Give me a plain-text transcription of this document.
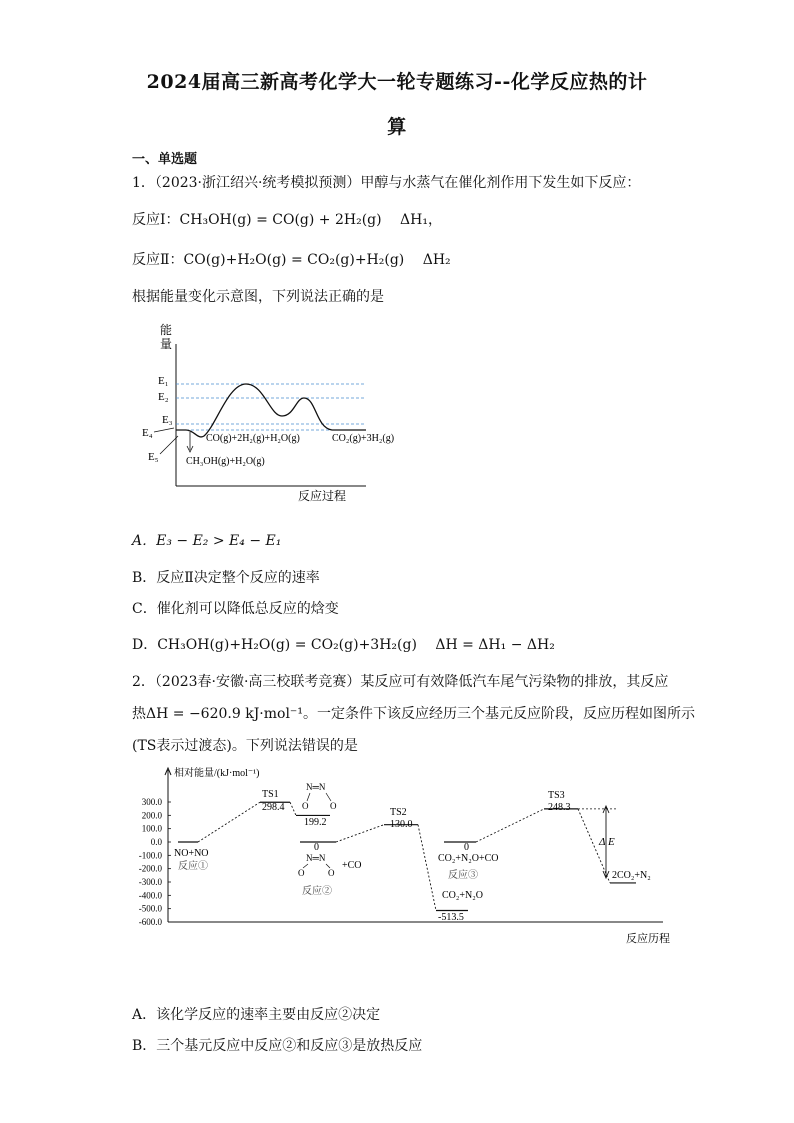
2024届高三新高考化学大一轮专题练习--化学反应热的计
算
一、单选题
1．（2023·浙江绍兴·统考模拟预测）甲醇与水蒸气在催化剂作用下发生如下反应：
反应Ⅰ：CH₃OH(g) = CO(g) + 2H₂(g)　 ΔH₁，
反应Ⅱ：CO(g)+H₂O(g) = CO₂(g)+H₂(g)　 ΔH₂
根据能量变化示意图，下列说法正确的是
能
量
反应过程
E₁
E₂
E₃
E₄
E₅
CO(g)+2H₂(g)+H₂O(g)	CO₂(g)+3H₂(g)
CH₃OH(g)+H₂O(g)
A．E₃ − E₂ > E₄ − E₁
B．反应Ⅱ决定整个反应的速率
C．催化剂可以降低总反应的焓变
D．CH₃OH(g)+H₂O(g) = CO₂(g)+3H₂(g)　 ΔH = ΔH₁ − ΔH₂
2．（2023春·安徽·高三校联考竞赛）某反应可有效降低汽车尾气污染物的排放，其反应
热ΔH = −620.9 kJ·mol⁻¹。一定条件下该反应经历三个基元反应阶段，反应历程如图所示
(TS表示过渡态)。下列说法错误的是
相对能量/(kJ·mol⁻¹)
反应历程
300.0
200.0
100.0
0.0
-100.0
-200.0
-300.0
-400.0
-500.0
-600.0
NO+NO
反应①
TS1
298.4
N═N
O O
199.2
0
N═N
O	O
+CO
反应②
TS2
130.0
CO₂+N₂O
-513.5
0
CO₂+N₂O+CO
反应③
TS3
248.3
2CO₂+N₂
Δ E
A．该化学反应的速率主要由反应②决定
B．三个基元反应中反应②和反应③是放热反应
